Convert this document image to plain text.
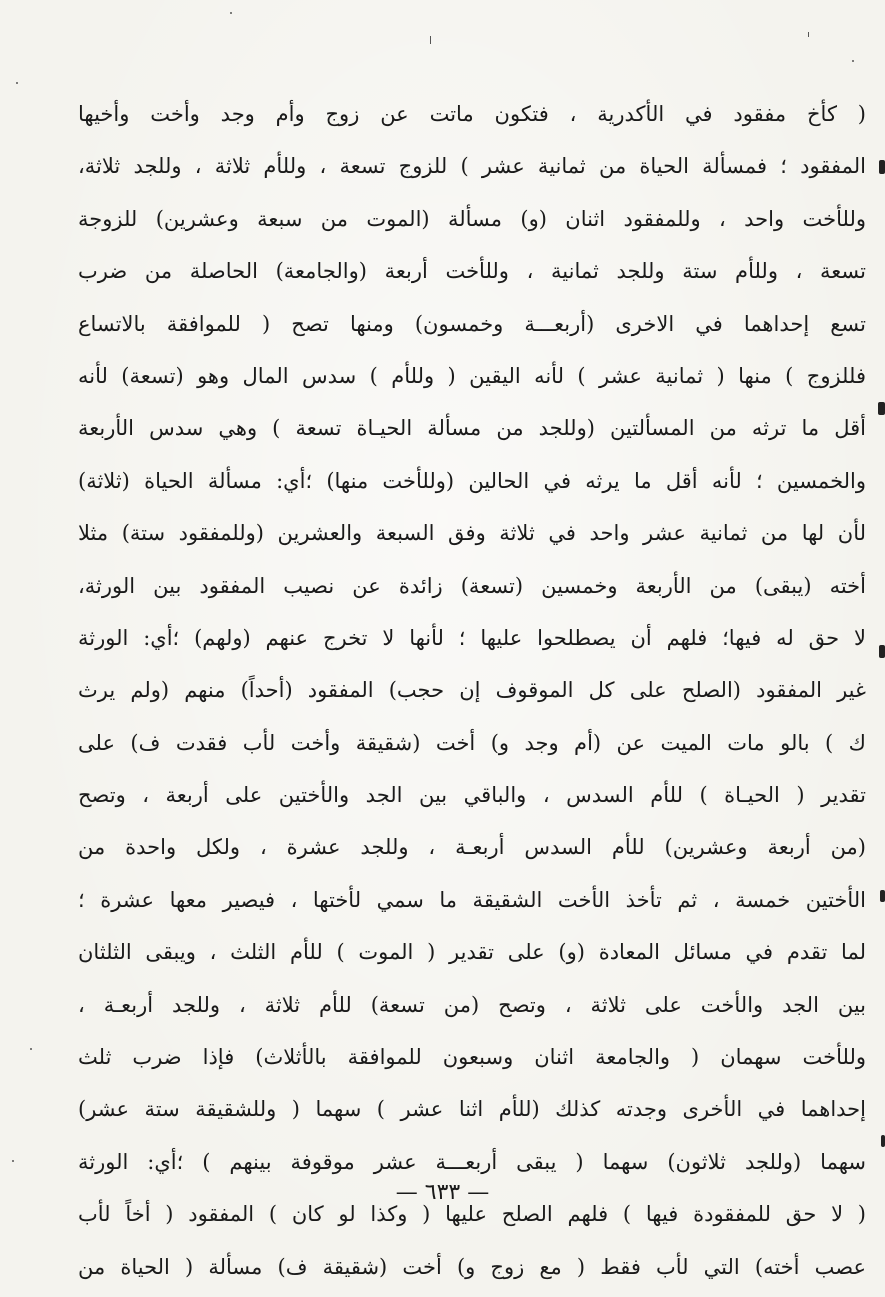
( كأخ مفقود في الأكدرية ، فتكون ماتت عن زوج وأم وجد وأخت وأخيها
المفقود ؛ فمسألة الحياة من ثمانية عشر ) للزوج تسعة ، وللأم ثلاثة ، وللجد ثلاثة،
وللأخت واحد ، وللمفقود اثنان (و) مسألة (الموت من سبعة وعشرين) للزوجة
تسعة ، وللأم ستة وللجد ثمانية ، وللأخت أربعة (والجامعة) الحاصلة من ضرب
تسع إحداهما في الاخرى (أربعـــة وخمسون) ومنها تصح ( للموافقة بالاتساع
فللزوج ) منها ( ثمانية عشر ) لأنه اليقين ( وللأم ) سدس المال وهو (تسعة) لأنه
أقل ما ترثه من المسألتين (وللجد من مسألة الحيـاة تسعة ) وهي سدس الأربعة
والخمسين ؛ لأنه أقل ما يرثه في الحالين (وللأخت منها) ؛أي: مسألة الحياة (ثلاثة)
لأن لها من ثمانية عشر واحد في ثلاثة وفق السبعة والعشرين (وللمفقود ستة) مثلا
أخته (يبقى) من الأربعة وخمسين (تسعة) زائدة عن نصيب المفقود بين الورثة،
لا حق له فيها؛ فلهم أن يصطلحوا عليها ؛ لأنها لا تخرج عنهم (ولهم) ؛أي: الورثة
غير المفقود (الصلح على كل الموقوف إن حجب) المفقود (أحداً) منهم (ولم يرث
ك ) بالو مات الميت عن (أم وجد و) أخت (شقيقة وأخت لأب فقدت ف) على
تقدير ( الحيـاة ) للأم السدس ، والباقي بين الجد والأختين على أربعة ، وتصح
(من أربعة وعشرين) للأم السدس أربعـة ، وللجد عشرة ، ولكل واحدة من
الأختين خمسة ، ثم تأخذ الأخت الشقيقة ما سمي لأختها ، فيصير معها عشرة ؛
لما تقدم في مسائل المعادة (و) على تقدير ( الموت ) للأم الثلث ، ويبقى الثلثان
بين الجد والأخت على ثلاثة ، وتصح (من تسعة) للأم ثلاثة ، وللجد أربعـة ،
وللأخت سهمان ( والجامعة اثنان وسبعون للموافقة بالأثلاث) فإذا ضرب ثلث
إحداهما في الأخرى وجدته كذلك (للأم اثنا عشر ) سهما ( وللشقيقة ستة عشر)
سهما (وللجد ثلاثون) سهما ( يبقى أربعـــة عشر موقوفة بينهم ) ؛أي: الورثة
( لا حق للمفقودة فيها ) فلهم الصلح عليها ( وكذا لو كان ) المفقود ( أخاً لأب
عصب أخته) التي لأب فقط ( مع زوج و) أخت (شقيقة ف) مسألة ( الحياة من
— ٦٣٣ —
